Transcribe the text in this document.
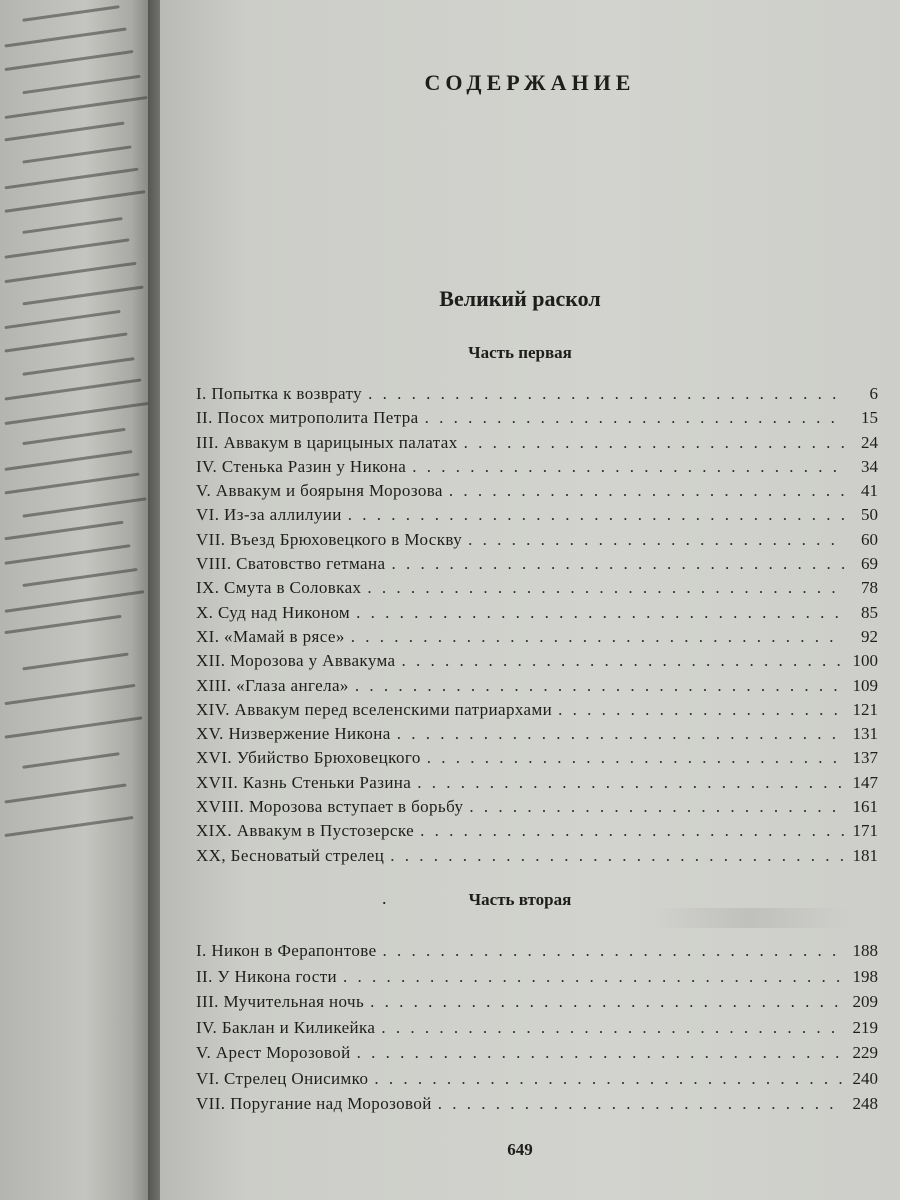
СОДЕРЖАНИЕ
Великий раскол
Часть первая
I. Попытка к возврату . . .	6
II. Посох митрополита Петра . . .	15
III. Аввакум в царицыных палатах . . .	24
IV. Стенька Разин у Никона . . .	34
V. Аввакум и боярыня Морозова . . .	41
VI. Из-за аллилуии . . .	50
VII. Въезд Брюховецкого в Москву . . .	60
VIII. Сватовство гетмана . . .	69
IX. Смута в Соловках . . .	78
X. Суд над Никоном . . .	85
XI. «Мамай в рясе» . . .	92
XII. Морозова у Аввакума . . .	100
XIII. «Глаза ангела» . . .	109
XIV. Аввакум перед вселенскими патриархами . . .	121
XV. Низвержение Никона . . .	131
XVI. Убийство Брюховецкого . . .	137
XVII. Казнь Стеньки Разина . . .	147
XVIII. Морозова вступает в борьбу . . .	161
XIX. Аввакум в Пустозерске . . .	171
XX, Бесноватый стрелец . . .	181
.	Часть вторая
I. Никон в Ферапонтове . . .	188
II. У Никона гости . . .	198
III. Мучительная ночь . . .	209
IV. Баклан и Киликейка . . .	219
V. Арест Морозовой . . .	229
VI. Стрелец Онисимко . . .	240
VII. Поругание над Морозовой . . .	248
649
